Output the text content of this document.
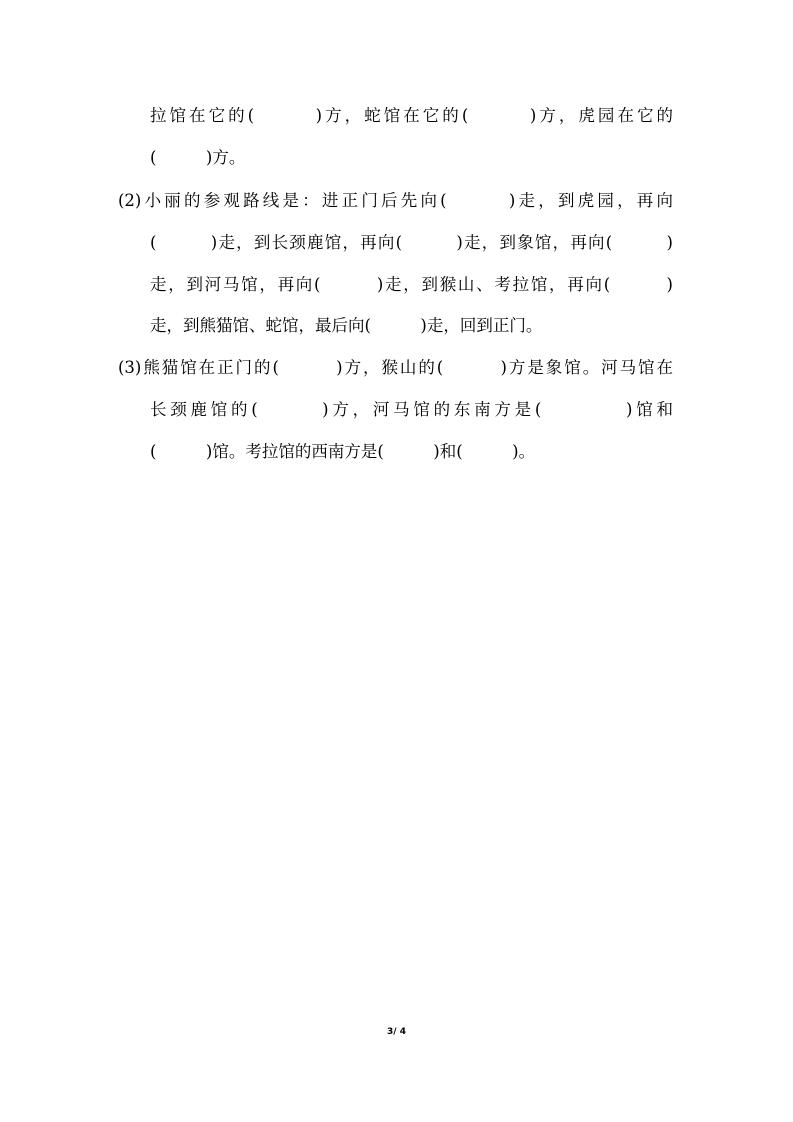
拉馆在它的(　　　)方，蛇馆在它的(　　　)方，虎园在它的
(　　　)方。
(2)小丽的参观路线是：进正门后先向(　　　)走，到虎园，再向
(　　　)走，到长颈鹿馆，再向(　　　)走，到象馆，再向(　　　)
走，到河马馆，再向(　　　)走，到猴山、考拉馆，再向(　　　)
走，到熊猫馆、蛇馆，最后向(　　　)走，回到正门。
(3)熊猫馆在正门的(　　　)方，猴山的(　　　)方是象馆。河马馆在
长颈鹿馆的(　　　)方，河马馆的东南方是(　　　　)馆和
(　　　)馆。考拉馆的西南方是(　　　)和(　　　)。
3/ 4
